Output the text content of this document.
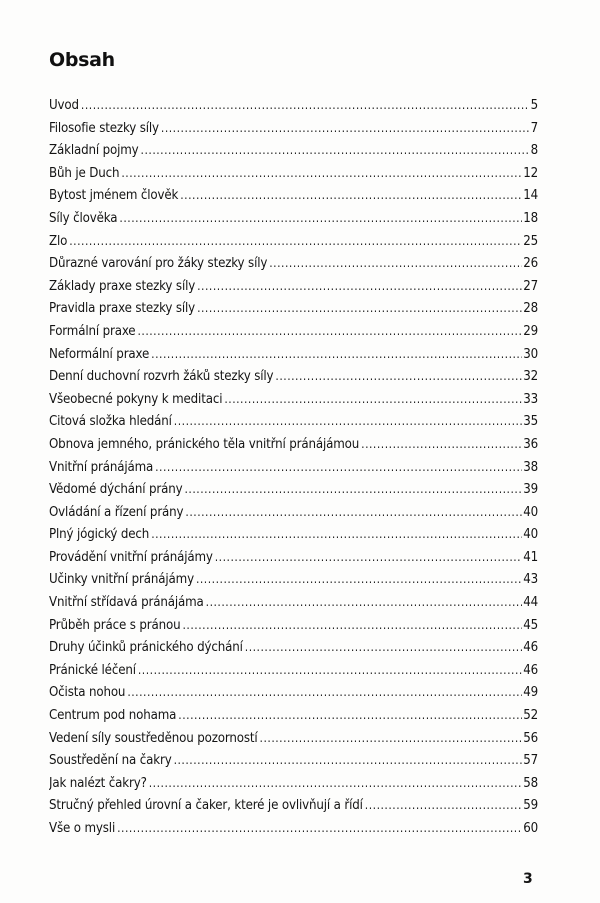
Obsah
Úvod .....	5
Filosofie stezky síly .....	7
Základní pojmy .....	8
Bůh je Duch .....	12
Bytost jménem člověk .....	14
Síly člověka .....	18
Zlo .....	25
Důrazné varování pro žáky stezky síly .....	26
Základy praxe stezky síly .....	27
Pravidla praxe stezky síly .....	28
Formální praxe .....	29
Neformální praxe .....	30
Denní duchovní rozvrh žáků stezky síly .....	32
Všeobecné pokyny k meditaci .....	33
Citová složka hledání .....	35
Obnova jemného, pránického těla vnitřní pránájámou .....	36
Vnitřní pránájáma .....	38
Vědomé dýchání prány .....	39
Ovládání a řízení prány .....	40
Plný jógický dech .....	40
Provádění vnitřní pránájámy .....	41
Účinky vnitřní pránájámy .....	43
Vnitřní střídavá pránájáma .....	44
Průběh práce s pránou .....	45
Druhy účinků pránického dýchání .....	46
Pránické léčení .....	46
Očista nohou .....	49
Centrum pod nohama .....	52
Vedení síly soustředěnou pozorností .....	56
Soustředění na čakry .....	57
Jak nalézt čakry? .....	58
Stručný přehled úrovní a čaker, které je ovlivňují a řídí .....	59
Vše o mysli .....	60
3
